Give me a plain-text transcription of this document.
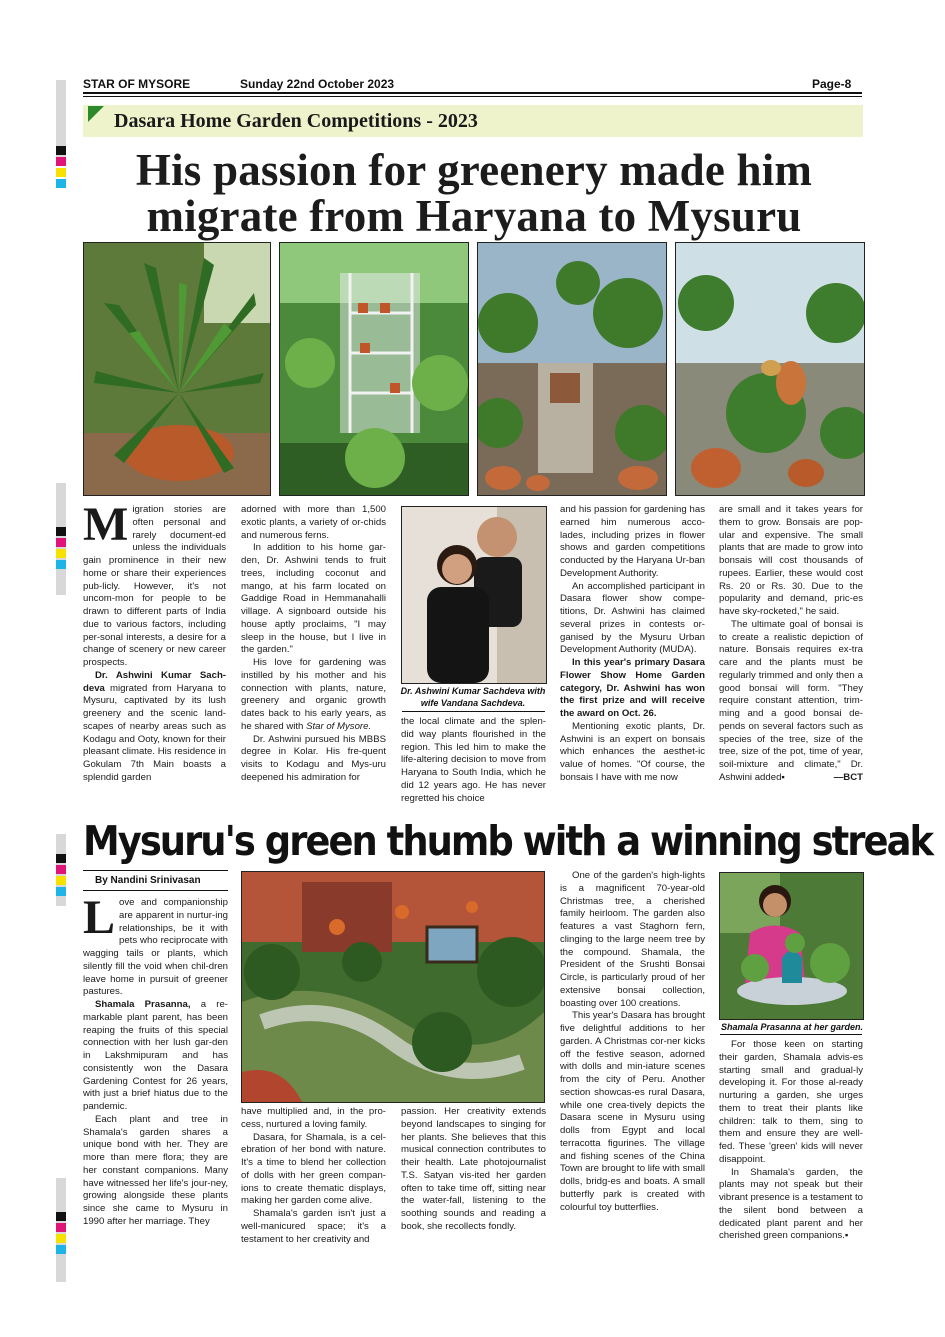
STAR OF MYSORE	Sunday 22nd October 2023	Page-8
Dasara Home Garden Competitions - 2023
His passion for greenery made him
migrate from Haryana to Mysuru

Migration stories are often personal and rarely document-ed unless the individuals gain prominence in their new home or share their experiences pub-licly. However, it's not uncom-mon for people to be drawn to different parts of India due to various factors, including per-sonal interests, a desire for a change of scenery or new career prospects.

Dr. Ashwini Kumar Sach-deva migrated from Haryana to Mysuru, captivated by its lush greenery and the scenic land-scapes of nearby areas such as Kodagu and Ooty, known for their pleasant climate. His residence in Gokulam 7th Main boasts a splendid garden

adorned with more than 1,500 exotic plants, a variety of or-chids and numerous ferns.

In addition to his home gar-den, Dr. Ashwini tends to fruit trees, including coconut and mango, at his farm located on Gaddige Road in Hemmanahalli village. A signboard outside his house aptly proclaims, "I may sleep in the house, but I live in the garden."

His love for gardening was instilled by his mother and his connection with plants, nature, greenery and organic growth dates back to his early years, as he shared with Star of Mysore.

Dr. Ashwini pursued his MBBS degree in Kolar. His fre-quent visits to Kodagu and Mys-uru deepened his admiration for

Dr. Ashwini Kumar Sachdeva with wife Vandana Sachdeva.

the local climate and the splen-did way plants flourished in the region. This led him to make the life-altering decision to move from Haryana to South India, which he did 12 years ago. He has never regretted his choice

and his passion for gardening has earned him numerous acco-lades, including prizes in flower shows and garden competitions conducted by the Haryana Ur-ban Development Authority.

An accomplished participant in Dasara flower show compe-titions, Dr. Ashwini has claimed several prizes in contests or-ganised by the Mysuru Urban Development Authority (MUDA).

In this year's primary Dasara Flower Show Home Garden category, Dr. Ashwini has won the first prize and will receive the award on Oct. 26.

Mentioning exotic plants, Dr. Ashwini is an expert on bonsais which enhances the aesthet-ic value of homes. "Of course, the bonsais I have with me now

are small and it takes years for them to grow. Bonsais are pop-ular and expensive. The small plants that are made to grow into bonsais will cost thousands of rupees. Earlier, these would cost Rs. 20 or Rs. 30. Due to the popularity and demand, pric-es have sky-rocketed," he said.

The ultimate goal of bonsai is to create a realistic depiction of nature. Bonsais requires ex-tra care and the plants must be regularly trimmed and only then a good bonsai will form. "They require constant attention, trim-ming and a good bonsai de-pends on several factors such as species of the tree, size of the tree, size of the pot, time of year, soil-mixture and climate," Dr. Ashwini added▪	—BCT

Mysuru's green thumb with a winning streak
By Nandini Srinivasan

Love and companionship are apparent in nurtur-ing relationships, be it with pets who reciprocate with wagging tails or plants, which silently fill the void when chil-dren leave home in pursuit of greener pastures.

Shamala Prasanna, a re-markable plant parent, has been reaping the fruits of this special connection with her lush gar-den in Lakshmipuram and has consistently won the Dasara Gardening Contest for 26 years, with just a brief hiatus due to the pandemic.

Each plant and tree in Shamala's garden shares a unique bond with her. They are more than mere flora; they are her constant companions. Many have witnessed her life's jour-ney, growing alongside these plants since she came to Mysuru in 1990 after her marriage. They

have multiplied and, in the pro-cess, nurtured a loving family.

Dasara, for Shamala, is a cel-ebration of her bond with nature. It's a time to blend her collection of dolls with her green compan-ions to create thematic displays, making her garden come alive.

Shamala's garden isn't just a well-manicured space; it's a testament to her creativity and

passion. Her creativity extends beyond landscapes to singing for her plants. She believes that this musical connection contributes to their health. Late photojournalist T.S. Satyan vis-ited her garden often to take time off, sitting near the water-fall, listening to the soothing sounds and reading a book, she recollects fondly.

One of the garden's high-lights is a magnificent 70-year-old Christmas tree, a cherished family heirloom. The garden also features a vast Staghorn fern, clinging to the large neem tree by the compound. Shamala, the President of the Srushti Bonsai Circle, is particularly proud of her extensive bonsai collection, boasting over 100 creations.

This year's Dasara has brought five delightful additions to her garden. A Christmas cor-ner kicks off the festive season, adorned with dolls and min-iature scenes from the city of Peru. Another section showcas-es rural Dasara, while one crea-tively depicts the Dasara scene in Mysuru using dolls from Egypt and local terracotta figurines. The village and fishing scenes of the China Town are brought to life with small dolls, bridg-es and boats. A small butterfly park is created with colourful toy butterflies.

Shamala Prasanna at her garden.

For those keen on starting their garden, Shamala advis-es starting small and gradual-ly developing it. For those al-ready nurturing a garden, she urges them to treat their plants like children: talk to them, sing to them and ensure they are well-fed. These 'green' kids will never disappoint.

In Shamala's garden, the plants may not speak but their vibrant presence is a testament to the silent bond between a dedicated plant parent and her cherished green companions.▪
